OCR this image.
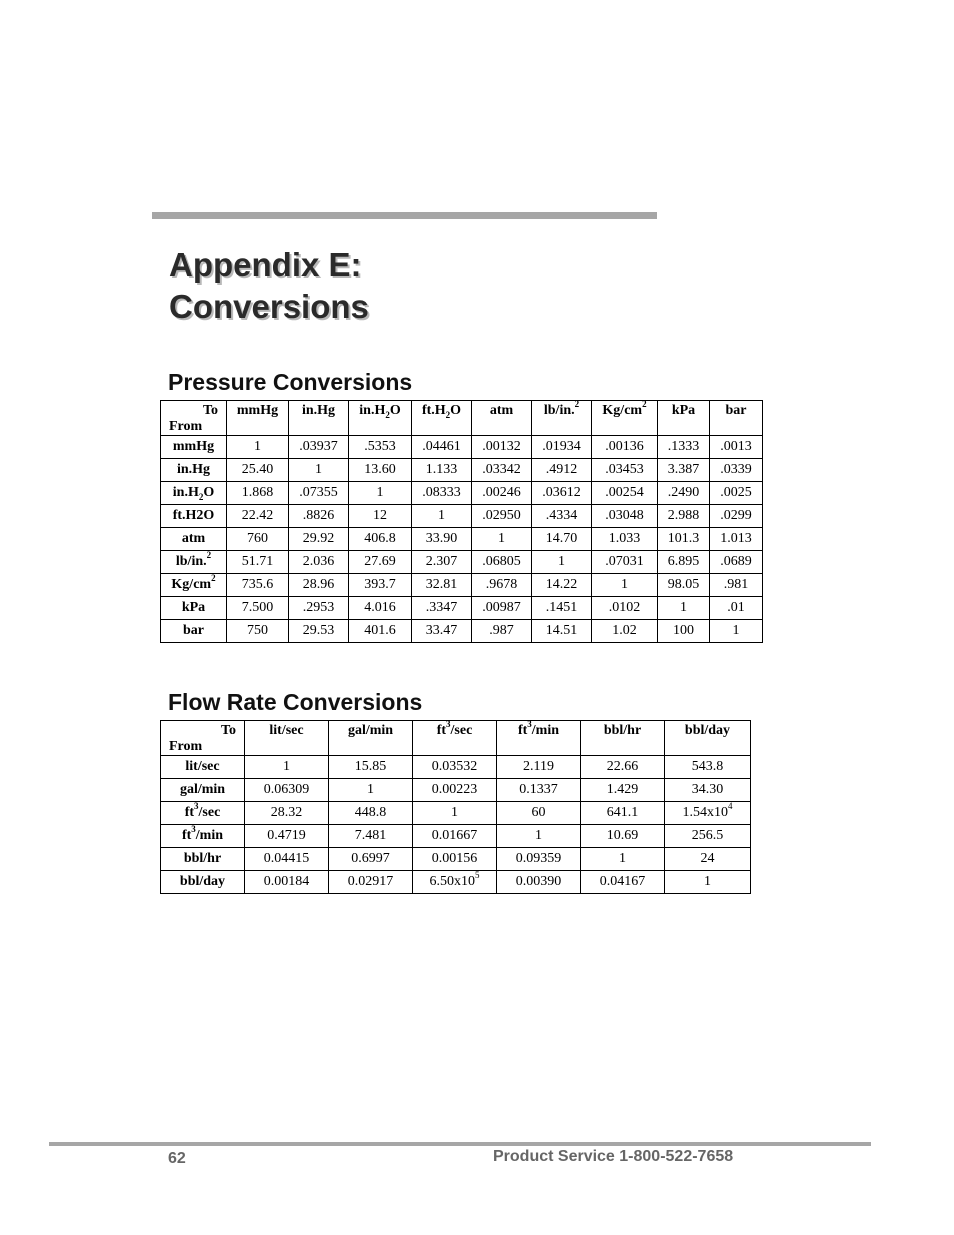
Appendix E:
Conversions
Pressure Conversions
To
From	mmHg	in.Hg	$in.H_2O$	$ft.H_2O$	atm	lb/in.$^2$	$Kg/cm^2$	kPa	bar
mmHg	1	.03937	.5353	.04461	.00132	.01934	.00136	.1333	.0013
in.Hg	25.40	1	13.60	1.133	.03342	.4912	.03453	3.387	.0339
$in.H_2O$	1.868	.07355	1	.08333	.00246	.03612	.00254	.2490	.0025
ft.H2O	22.42	.8826	12	1	.02950	.4334	.03048	2.988	.0299
atm	760	29.92	406.8	33.90	1	14.70	1.033	101.3	1.013
lb/in.$^2$	51.71	2.036	27.69	2.307	.06805	1	.07031	6.895	.0689
$Kg/cm^2$	735.6	28.96	393.7	32.81	.9678	14.22	1	98.05	.981
kPa	7.500	.2953	4.016	.3347	.00987	.1451	.0102	1	.01
bar	750	29.53	401.6	33.47	.987	14.51	1.02	100	1
Flow Rate Conversions
To
From	lit/sec	gal/min	$ft^3/\sec$	$ft^3/\min$	bbl/hr	bbl/day
lit/sec	1	15.85	0.03532	2.119	22.66	543.8
gal/min	0.06309	1	0.00223	0.1337	1.429	34.30
$ft^3/\sec$	28.32	448.8	1	60	641.1	$1.54x10^4$
$ft^3/\min$	0.4719	7.481	0.01667	1	10.69	256.5
bbl/hr	0.04415	0.6997	0.00156	0.09359	1	24
bbl/day	0.00184	0.02917	$6.50x10^5$	0.00390	0.04167	1
62	Product Service 1-800-522-7658
